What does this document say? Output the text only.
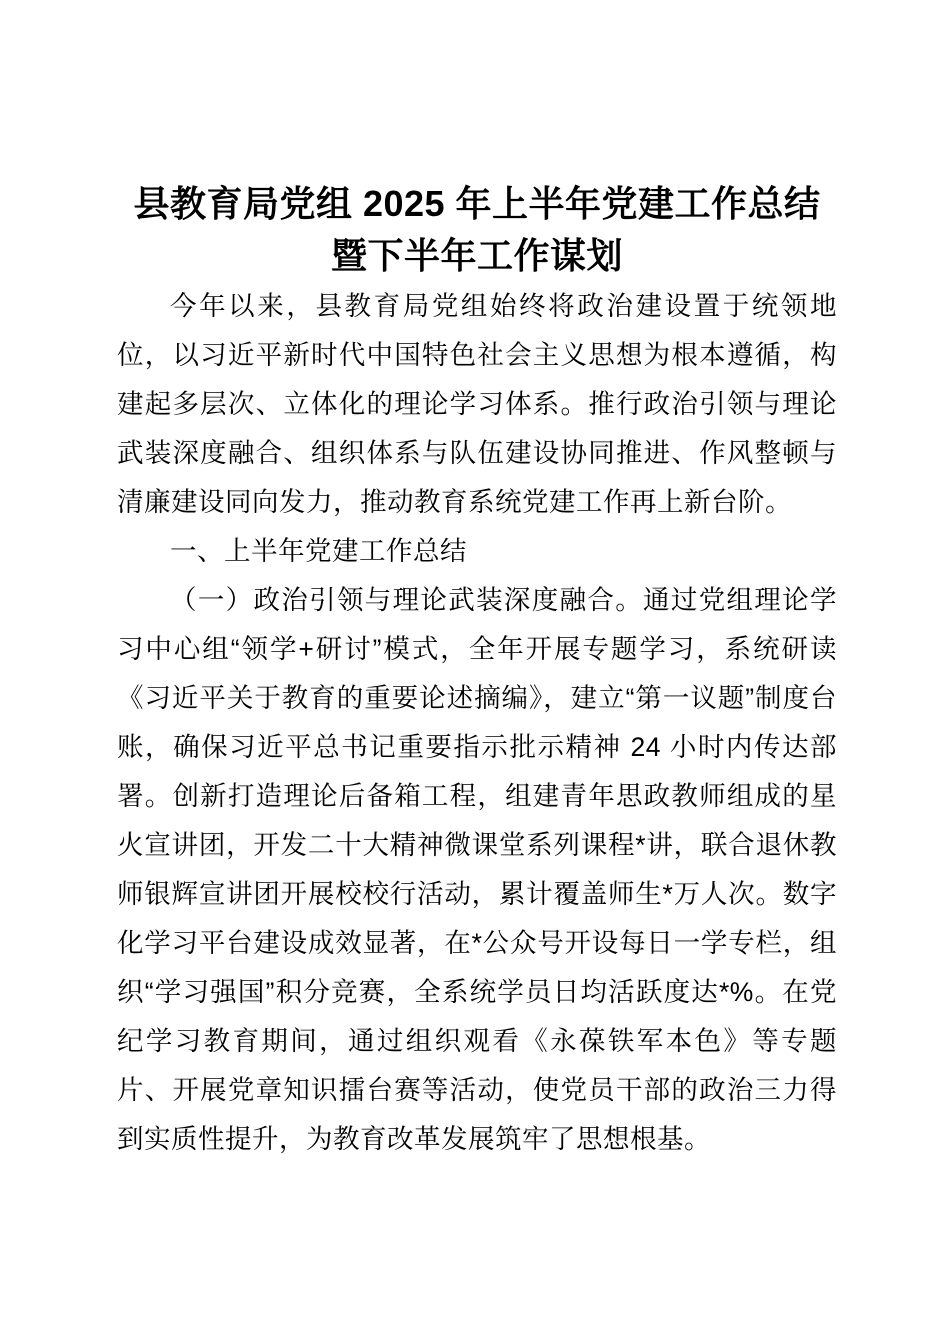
县教育局党组 2025 年上半年党建工作总结暨下半年工作谋划

今年以来，县教育局党组始终将政治建设置于统领地位，以习近平新时代中国特色社会主义思想为根本遵循，构建起多层次、立体化的理论学习体系。推行政治引领与理论武装深度融合、组织体系与队伍建设协同推进、作风整顿与清廉建设同向发力，推动教育系统党建工作再上新台阶。

一、上半年党建工作总结

（一）政治引领与理论武装深度融合。通过党组理论学习中心组“领学+研讨”模式，全年开展专题学习，系统研读《习近平关于教育的重要论述摘编》，建立“第一议题”制度台账，确保习近平总书记重要指示批示精神 24 小时内传达部署。创新打造理论后备箱工程，组建青年思政教师组成的星火宣讲团，开发二十大精神微课堂系列课程*讲，联合退休教师银辉宣讲团开展校校行活动，累计覆盖师生*万人次。数字化学习平台建设成效显著，在*公众号开设每日一学专栏，组织“学习强国”积分竞赛，全系统学员日均活跃度达*%。在党纪学习教育期间，通过组织观看《永葆铁军本色》等专题片、开展党章知识擂台赛等活动，使党员干部的政治三力得到实质性提升，为教育改革发展筑牢了思想根基。
